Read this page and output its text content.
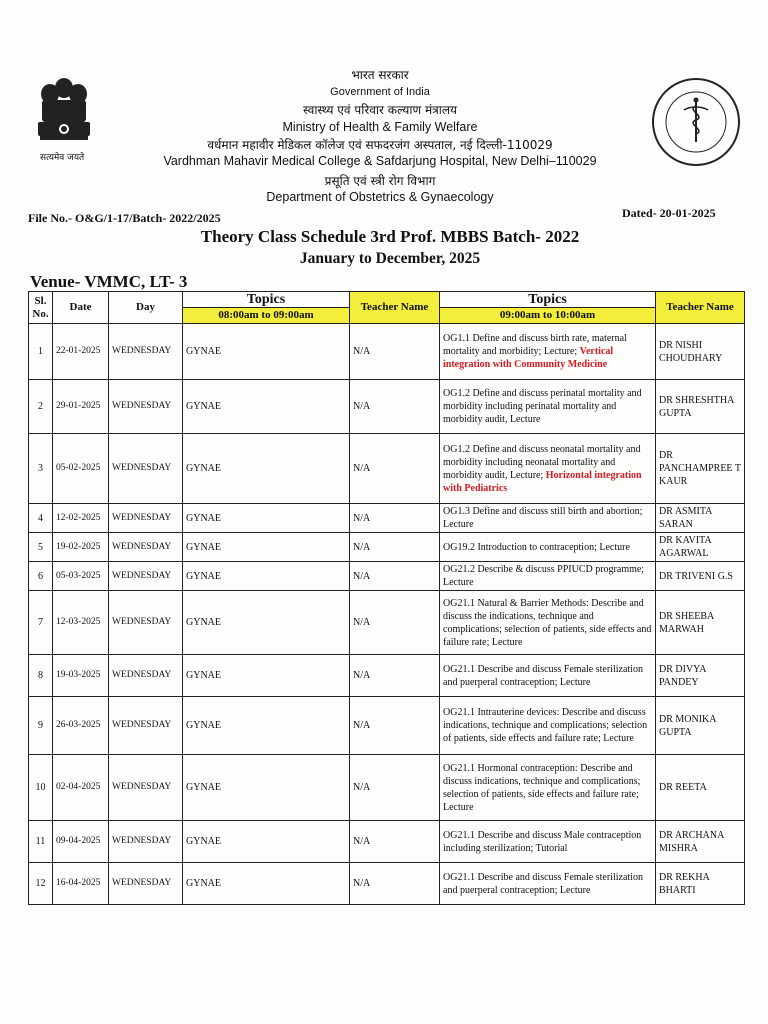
सत्यमेव जयते
भारत सरकार
Government of India
स्वास्थ्य एवं परिवार कल्याण मंत्रालय
Ministry of Health & Family Welfare
वर्धमान महावीर मेडिकल कॉलेज एवं सफदरजंग अस्पताल, नई दिल्ली-110029
Vardhman Mahavir Medical College & Safdarjung Hospital, New Delhi–110029
प्रसूति एवं स्त्री रोग विभाग
Department of Obstetrics & Gynaecology
File No.- O&G/1-17/Batch- 2022/2025	Dated- 20-01-2025
Theory Class Schedule 3rd Prof. MBBS Batch- 2022
January to December, 2025
Venue- VMMC, LT- 3
Sl. No.	Date	Day	Topics	Teacher Name	Topics	Teacher Name
			08:00am to 09:00am		09:00am to 10:00am	
1	22-01-2025	WEDNESDAY	GYNAE	N/A	OG1.1 Define and discuss birth rate, maternal mortality and morbidity; Lecture; Vertical integration with Community Medicine	DR NISHI CHOUDHARY
2	29-01-2025	WEDNESDAY	GYNAE	N/A	OG1.2 Define and discuss perinatal mortality and morbidity including perinatal mortality and morbidity audit, Lecture	DR SHRESHTHA GUPTA
3	05-02-2025	WEDNESDAY	GYNAE	N/A	OG1.2 Define and discuss neonatal mortality and morbidity including neonatal mortality and morbidity audit, Lecture; Horizontal integration with Pediatrics	DR PANCHAMPREE T KAUR
4	12-02-2025	WEDNESDAY	GYNAE	N/A	OG1.3 Define and discuss still birth and abortion; Lecture	DR ASMITA SARAN
5	19-02-2025	WEDNESDAY	GYNAE	N/A	OG19.2 Introduction to contraception; Lecture	DR KAVITA AGARWAL
6	05-03-2025	WEDNESDAY	GYNAE	N/A	OG21.2 Describe & discuss PPIUCD programme; Lecture	DR TRIVENI G.S
7	12-03-2025	WEDNESDAY	GYNAE	N/A	OG21.1 Natural & Barrier Methods: Describe and discuss the indications, technique and complications; selection of patients, side effects and failure rate; Lecture	DR SHEEBA MARWAH
8	19-03-2025	WEDNESDAY	GYNAE	N/A	OG21.1 Describe and discuss Female sterilization and puerperal contraception; Lecture	DR DIVYA PANDEY
9	26-03-2025	WEDNESDAY	GYNAE	N/A	OG21.1 Intrauterine devices: Describe and discuss indications, technique and complications; selection of patients, side effects and failure rate; Lecture	DR MONIKA GUPTA
10	02-04-2025	WEDNESDAY	GYNAE	N/A	OG21.1 Hormonal contraception: Describe and discuss indications, technique and complications; selection of patients, side effects and failure rate; Lecture	DR REETA
11	09-04-2025	WEDNESDAY	GYNAE	N/A	OG21.1 Describe and discuss Male contraception including sterilization; Tutorial	DR ARCHANA MISHRA
12	16-04-2025	WEDNESDAY	GYNAE	N/A	OG21.1 Describe and discuss Female sterilization and puerperal contraception; Lecture	DR REKHA BHARTI
